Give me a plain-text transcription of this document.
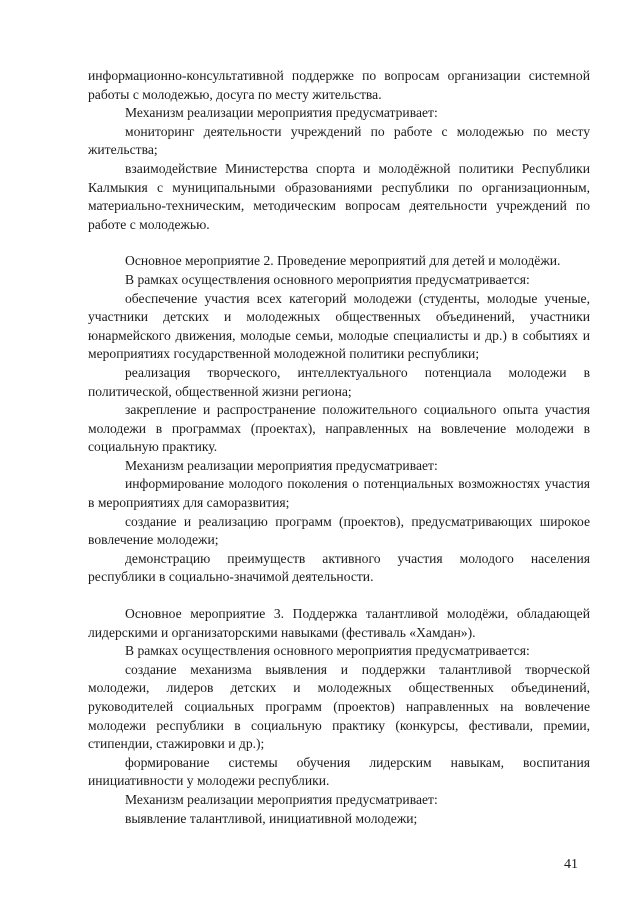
информационно-консультативной поддержке по вопросам организации системной работы с молодежью, досуга по месту жительства.

Механизм реализации мероприятия предусматривает:

мониторинг деятельности учреждений по работе с молодежью по месту жительства;

взаимодействие Министерства спорта и молодёжной политики Республики Калмыкия с муниципальными образованиями республики по организационным, материально-техническим, методическим вопросам деятельности учреждений по работе с молодежью.

Основное мероприятие 2. Проведение мероприятий для детей и молодёжи.

В рамках осуществления основного мероприятия предусматривается:

обеспечение участия всех категорий молодежи (студенты, молодые ученые, участники детских и молодежных общественных объединений, участники юнармейского движения, молодые семьи, молодые специалисты и др.) в событиях и мероприятиях государственной молодежной политики республики;

реализация творческого, интеллектуального потенциала молодежи в политической, общественной жизни региона;

закрепление и распространение положительного социального опыта участия молодежи в программах (проектах), направленных на вовлечение молодежи в социальную практику.

Механизм реализации мероприятия предусматривает:

информирование молодого поколения о потенциальных возможностях участия в мероприятиях для саморазвития;

создание и реализацию программ (проектов), предусматривающих широкое вовлечение молодежи;

демонстрацию преимуществ активного участия молодого населения республики в социально-значимой деятельности.

Основное мероприятие 3. Поддержка талантливой молодёжи, обладающей лидерскими и организаторскими навыками (фестиваль «Хамдан»).

В рамках осуществления основного мероприятия предусматривается:

создание механизма выявления и поддержки талантливой творческой молодежи, лидеров детских и молодежных общественных объединений, руководителей социальных программ (проектов) направленных на вовлечение молодежи республики в социальную практику (конкурсы, фестивали, премии, стипендии, стажировки и др.);

формирование системы обучения лидерским навыкам, воспитания инициативности у молодежи республики.

Механизм реализации мероприятия предусматривает:

выявление талантливой, инициативной молодежи;

41
